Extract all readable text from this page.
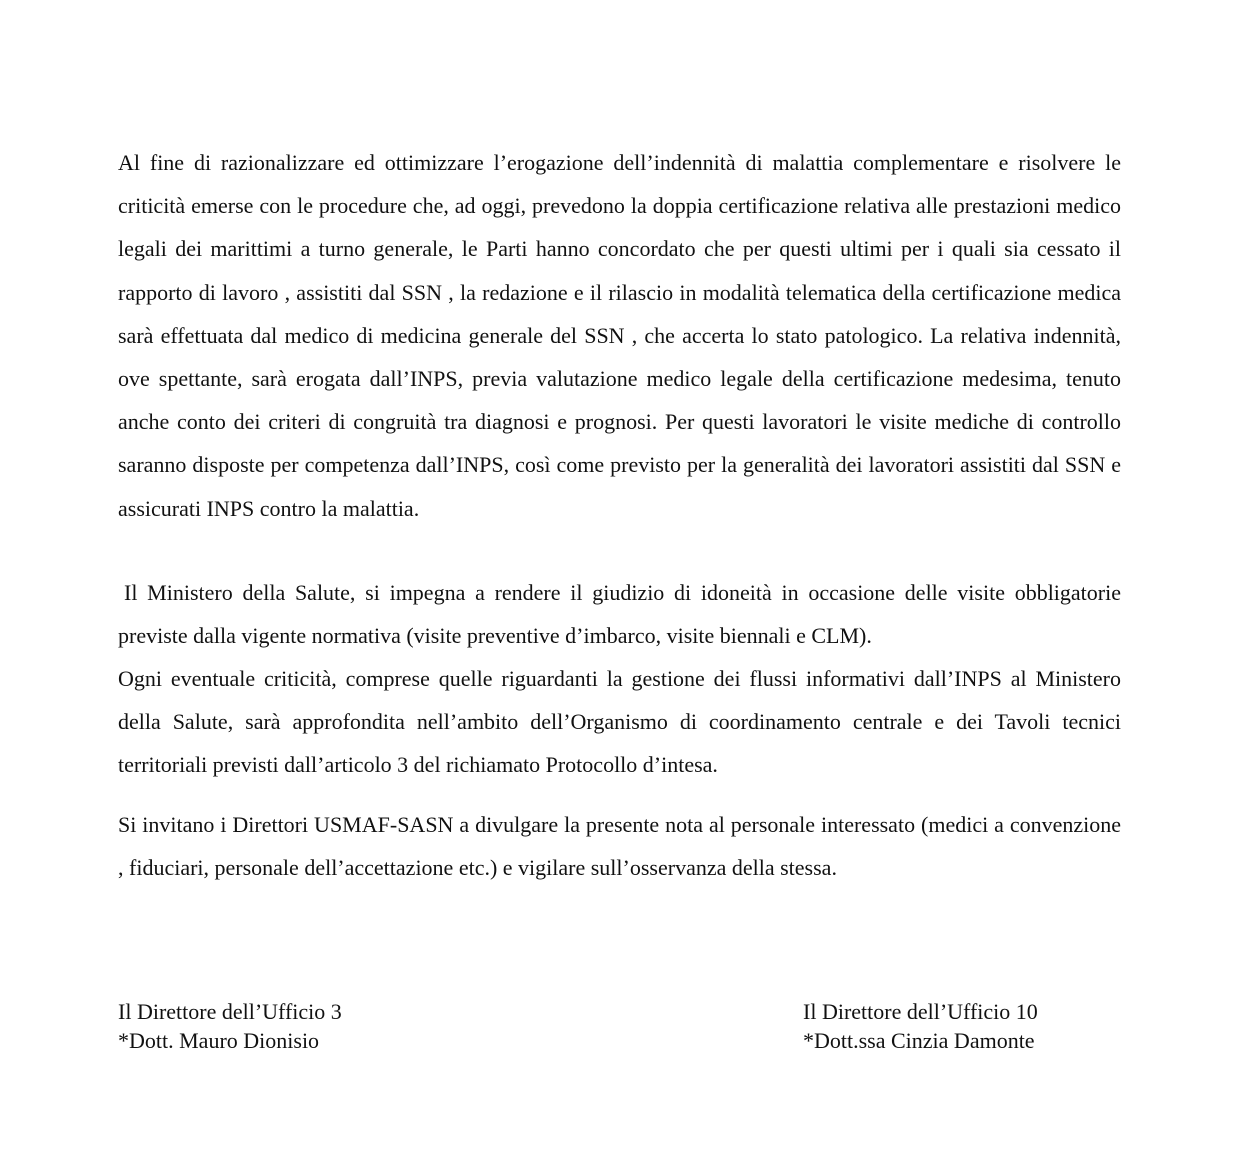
Al fine di razionalizzare ed ottimizzare l’erogazione dell’indennità di malattia complementare e risolvere le criticità emerse con le procedure che, ad oggi, prevedono la doppia certificazione relativa alle prestazioni medico legali dei marittimi a turno generale, le Parti hanno concordato che per questi ultimi per i quali sia cessato il rapporto di lavoro , assistiti dal SSN , la redazione e il rilascio in modalità telematica della certificazione medica sarà effettuata dal medico di medicina generale del SSN , che accerta lo stato patologico. La relativa indennità, ove spettante, sarà erogata dall’INPS, previa valutazione medico legale della certificazione medesima, tenuto anche conto dei criteri di congruità tra diagnosi e prognosi. Per questi lavoratori le visite mediche di controllo saranno disposte per competenza dall’INPS, così come previsto per la generalità dei lavoratori assistiti dal SSN e assicurati INPS contro la malattia.

Il Ministero della Salute, si impegna a rendere il giudizio di idoneità in occasione delle visite obbligatorie previste dalla vigente normativa (visite preventive d’imbarco, visite biennali e CLM).

Ogni eventuale criticità, comprese quelle riguardanti la gestione dei flussi informativi dall’INPS al Ministero della Salute, sarà approfondita nell’ambito dell’Organismo di coordinamento centrale e dei Tavoli tecnici territoriali previsti dall’articolo 3 del richiamato Protocollo d’intesa.

Si invitano i Direttori USMAF-SASN a divulgare la presente nota al personale interessato (medici a convenzione , fiduciari, personale dell’accettazione etc.) e vigilare sull’osservanza della stessa.

Il Direttore dell’Ufficio 3
*Dott. Mauro Dionisio
Il Direttore dell’Ufficio 10
*Dott.ssa Cinzia Damonte
